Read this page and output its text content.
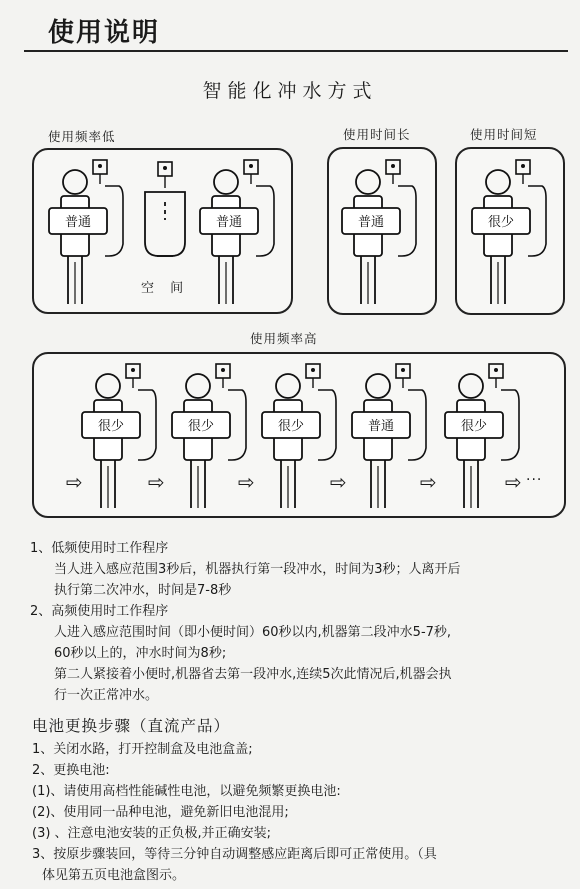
使用说明
智能化冲水方式
使用频率低	使用时间长	使用时间短
空 间
使用频率高
普通	普通	普通	很少
很少	很少	很少	普通	很少
⇨	⇨	⇨	⇨	⇨	⇨ ···
1、低频使用时工作程序
当人进入感应范围3秒后，机器执行第一段冲水，时间为3秒；人离开后
执行第二次冲水，时间是7-8秒
2、高频使用时工作程序
人进入感应范围时间（即小便时间）60秒以内,机器第二段冲水5-7秒,
60秒以上的，冲水时间为8秒;
第二人紧接着小便时,机器省去第一段冲水,连续5次此情况后,机器会执
行一次正常冲水。
电池更换步骤（直流产品）
1、关闭水路，打开控制盒及电池盒盖;
2、更换电池:
(1)、请使用高档性能碱性电池，以避免频繁更换电池:
(2)、使用同一品种电池，避免新旧电池混用;
(3) 、注意电池安装的正负极,并正确安装;
3、按原步骤装回，等待三分钟自动调整感应距离后即可正常使用。（具
体见第五页电池盒图示。
